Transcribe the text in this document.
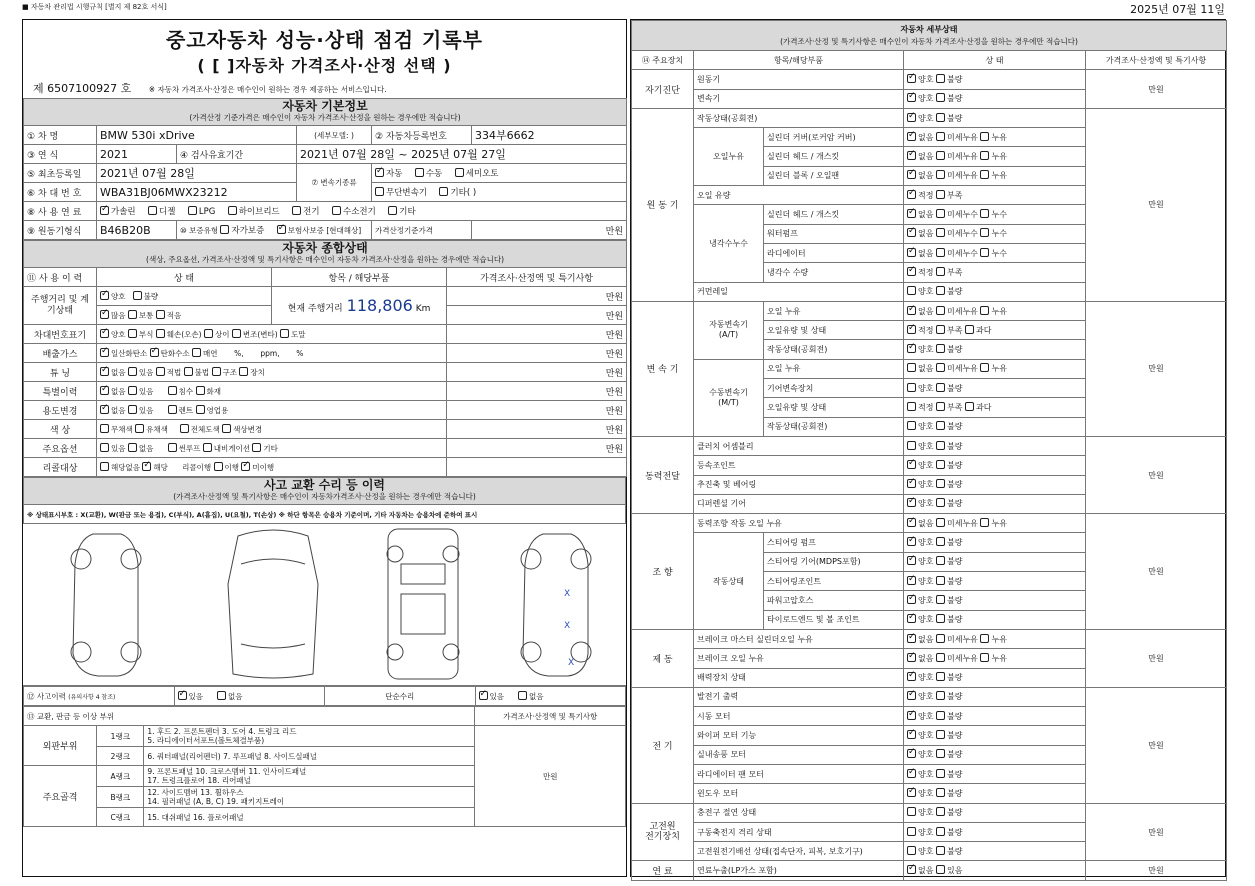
■ 자동차 관리법 시행규칙 [별지 제 82호 서식]	2025년 07월 11일
중고자동차 성능·상태 점검 기록부
( [ ]자동차 가격조사·산정 선택 )
제 6507100927 호 ※ 자동차 가격조사·산정은 매수인이 원하는 경우 제공하는 서비스입니다.
자동차 기본정보
(가격산정 기준가격은 매수인이 자동차 가격조사·산정을 원하는 경우에만 적습니다)					

① 차 명	BMW 530i xDrive		(세부모델: )	② 자동차등록번호	334부6662
③ 연 식	2021	④ 검사유효기간	2021년 07월 28일 ~ 2025년 07월 27일		
⑤ 최초등록일	2021년 07월 28일		⑦ 변속기종류	✓자동 수동 세미오토
⑥ 차 대 번 호	WBA31BJ06MWX23212			무단변속기 기타( )	
⑧ 사 용 연 료	✓가솔린 디젤 LPG 하이브리드 전기 수소전기 기타
⑨ 원동기형식	B46B20B	⑩ 보증유형 자가보증 ✓ 보험사보증 [현대해상]		가격산정기준가격	만원
자동차 종합상태
(색상, 주요옵션, 가격조사·산정액 및 특기사항은 매수인이 자동차 가격조사·산정을 원하는 경우에만 적습니다)			

⑪ 사 용 이 력	상 태	항목 / 해당부품	가격조사·산정액 및 특기사항
주행거리 및 계기상태	✓양호   불량	현재 주행거리 118,806 Km	만원
✓많음 보통 적음		만원
차대번호표기	✓양호 부식 훼손(오손) 상이 변조(변타) 도말		만원
배출가스	✓일산화탄소 ✓탄화수소 매연       %,       ppm,       %		만원
튜 닝	✓없음 있음 적법 불법 구조 장치		만원
특별이력	✓없음 있음      침수 화재		만원
용도변경	✓없음 있음      렌트 영업용		만원
색 상	무채색 유채색     전체도색 색상변경		만원
주요옵션	있음 없음      썬루프 내비게이션 기타		만원
리콜대상	해당없음 ✓해당      리콜이행 이행 ✓미이행	
사고 교환 수리 등 이력
(가격조사·산정액 및 특기사항은 매수인이 자동차가격조사·산정을 원하는 경우에만 적습니다)

※ 상태표시부호 : X(교환), W(판금 또는 용접), C(부식), A(흠집), U(요철), T(손상) ※ 하단 항목은 승용차 기준이며, 기타 자동차는 승용차에 준하여 표시
X
X
X
⑫ 사고이력 (유의사항 4 참조)	✓있음	없음	단순수리	✓있음	없음
⑬ 교환, 판금 등 이상 부위			가격조사·산정액 및 특기사항
외판부위	1랭크	1. 후드 2. 프론트펜더 3. 도어 4. 트렁크 리드
5. 라디에이터서포트(볼트체결부품)	만원
	2랭크	6. 쿼터패널(리어펜더) 7. 루프패널 8. 사이드실패널	
주요골격	A랭크	9. 프론트패널 10. 크로스멤버 11. 인사이드패널
17. 트렁크플로어 18. 리어패널	

	B랭크	12. 사이드멤버 13. 휠하우스
14. 필러패널 (A, B, C) 19. 패키지트레이	

	C랭크	15. 대쉬패널 16. 플로어패널	
자동차 세부상태
(가격조사·산정 및 특기사항은 매수인이 자동차 가격조사·산정을 원하는 경우에만 적습니다)				

⑭ 주요장치	항목/해당부품		상 태	가격조사·산정액 및 특기사항
자기진단	원동기	✓양호 불량	만원
	변속기	✓양호 불량
원 동 기	작동상태(공회전)	✓양호 불량	만원
	오일누유	실린더 커버(로커암 커버)	✓없음 미세누유 누유
		실린더 헤드 / 개스킷	✓없음 미세누유 누유
		실린더 블록 / 오일팬	✓없음 미세누유 누유
	오일 유량	✓적정 부족
	냉각수누수	실린더 헤드 / 개스킷	✓없음 미세누수 누수
		워터펌프	✓없음 미세누수 누수
		라디에이터	✓없음 미세누수 누수
		냉각수 수량	✓적정 부족
	커먼레일		양호 불량	
변 속 기	자동변속기
(A/T)	오일 누유	✓없음 미세누유 누유	만원
		오일유량 및 상태	✓적정 부족 과다
		작동상태(공회전)	✓양호 불량
	수동변속기
(M/T)	오일 누유	없음 미세누유 누유	
		기어변속장치	양호 불량	
		오일유량 및 상태	적정 부족 과다	
		작동상태(공회전)	양호 불량	
동력전달	클러치 어셈블리		양호 불량	만원
	등속조인트	✓양호 불량
	추진축 및 베어링	✓양호 불량
	디퍼렌셜 기어	✓양호 불량
조 향	동력조향 작동 오일 누유	✓없음 미세누유 누유	만원
	작동상태	스티어링 펌프	✓양호 불량
		스티어링 기어(MDPS포함)	✓양호 불량
		스티어링조인트	✓양호 불량
		파워고압호스	✓양호 불량
		타이로드엔드 및 볼 조인트	✓양호 불량
제 동	브레이크 마스터 실린더오일 누유	✓없음 미세누유 누유	만원
	브레이크 오일 누유	✓없음 미세누유 누유
	배력장치 상태	✓양호 불량
전 기	발전기 출력	✓양호 불량	만원
	시동 모터	✓양호 불량
	와이퍼 모터 기능	✓양호 불량
	실내송풍 모터	✓양호 불량
	라디에이터 팬 모터	✓양호 불량
	윈도우 모터	✓양호 불량
고전원
전기장치	충전구 절연 상태		양호 불량	만원
	구동축전지 격리 상태		양호 불량	
	고전원전기배선 상태(접속단자, 피복, 보호기구)		양호 불량	
연 료	연료누출(LP가스 포함)	✓없음 있음	만원
